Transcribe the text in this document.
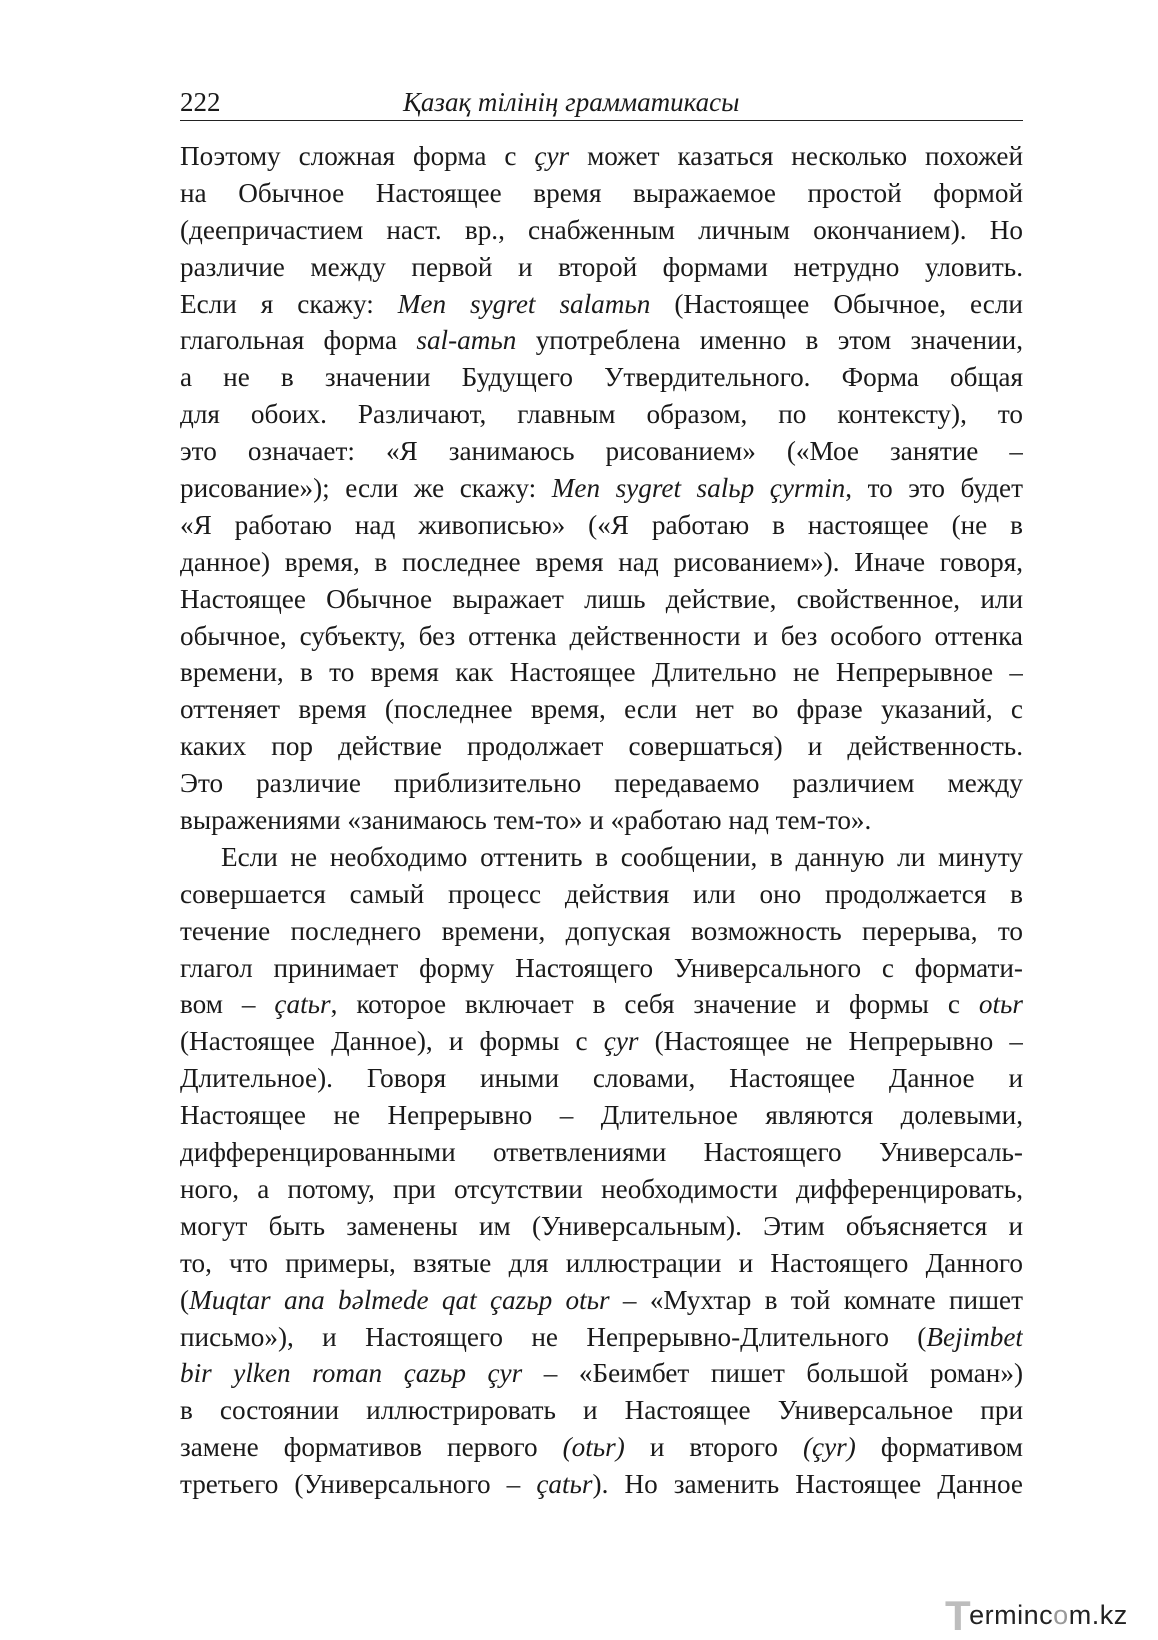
222	Қазақ тілінің грамматикасы
Поэтому сложная форма с çyr может казаться несколько похожей
на Обычное Настоящее время выражаемое простой формой
(деепричастием наст. вр., снабженным личным окончанием). Но
различие между первой и второй формами нетрудно уловить.
Если я скажу: Men sygret salamьn (Настоящее Обычное, если
глагольная форма sal-amьn употреблена именно в этом значении,
а не в значении Будущего Утвердительного. Форма общая
для обоих. Различают, главным образом, по контексту), то
это означает: «Я занимаюсь рисованием» («Мое занятие –
рисование»); если же скажу: Men sygret salьp çyrmin, то это будет
«Я работаю над живописью» («Я работаю в настоящее (не в
данное) время, в последнее время над рисованием»). Иначе говоря,
Настоящее Обычное выражает лишь действие, свойственное, или
обычное, субъекту, без оттенка действенности и без особого оттенка
времени, в то время как Настоящее Длительно не Непрерывное –
оттеняет время (последнее время, если нет во фразе указаний, с
каких пор действие продолжает совершаться) и действенность.
Это различие приблизительно передаваемо различием между
выражениями «занимаюсь тем-то» и «работаю над тем-то».
Если не необходимо оттенить в сообщении, в данную ли минуту
совершается самый процесс действия или оно продолжается в
течение последнего времени, допуская возможность перерыва, то
глагол принимает форму Настоящего Универсального с формати-
вом – çatьr, которое включает в себя значение и формы с otьr
(Настоящее Данное), и формы с çyr (Настоящее не Непрерывно –
Длительное). Говоря иными словами, Настоящее Данное и
Настоящее не Непрерывно – Длительное являются долевыми,
дифференцированными ответвлениями Настоящего Универсаль-
ного, а потому, при отсутствии необходимости дифференцировать,
могут быть заменены им (Универсальным). Этим объясняется и
то, что примеры, взятые для иллюстрации и Настоящего Данного
(Muqtar ana bəlmede qat çazьp otьr – «Мухтар в той комнате пишет
письмо»), и Настоящего не Непрерывно-Длительного (Bejimbet
bir ylken roman çazьp çyr – «Беимбет пишет большой роман»)
в состоянии иллюстрировать и Настоящее Универсальное при
замене формативов первого (otьr) и второго (çyr) формативом
третьего (Универсального – çatьr). Но заменить Настоящее Данное
Termincom.kz
